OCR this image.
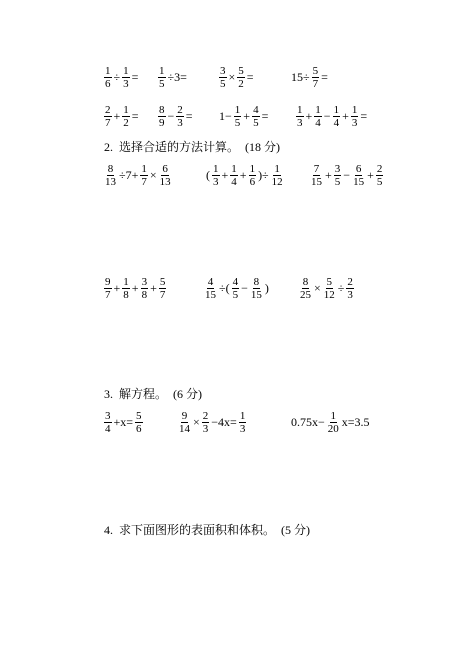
2. 选择合适的方法计算。 (18 分)
3. 解方程。 (6 分)
4. 求下面图形的表面积和体积。 (5 分)
$\frac{1}{6} \div \frac{1}{3} = \frac{1}{5} \div 3=$	$\frac{3}{5} \times \frac{5}{2}$ =	$15\div \frac{5}{7}$ =
$\frac{2}{7} + \frac{1}{2} = \frac{8}{9} - \frac{2}{3} = 1- \frac{1}{5} + \frac{4}{5}$ =	$\frac{1}{3} + \frac{1}{4} - \frac{1}{4} + \frac{1}{3}$ =
$\frac{8}{13} \div 7+ \frac{1}{7} \times \frac{6}{13}$	( $\frac{1}{3} + \frac{1}{4} + \frac{1}{6}$ )÷ $\frac{1}{12} \frac{7}{15} + \frac{3}{5} - \frac{6}{15} + \frac{2}{5}$
$\frac{9}{7} + \frac{1}{8} + \frac{3}{8} + \frac{5}{7}$	$\frac{4}{15}$ ÷( $\frac{4}{5} - \frac{8}{15}$ )	$\frac{8}{25} \times \frac{5}{12} \div \frac{2}{3}$
$\frac{3}{4} +x= \frac{5}{6}$	$\frac{9}{14} \times \frac{2}{3} -4x= \frac{1}{3}$	$0.75x- \frac{1}{20} x=3.5$
